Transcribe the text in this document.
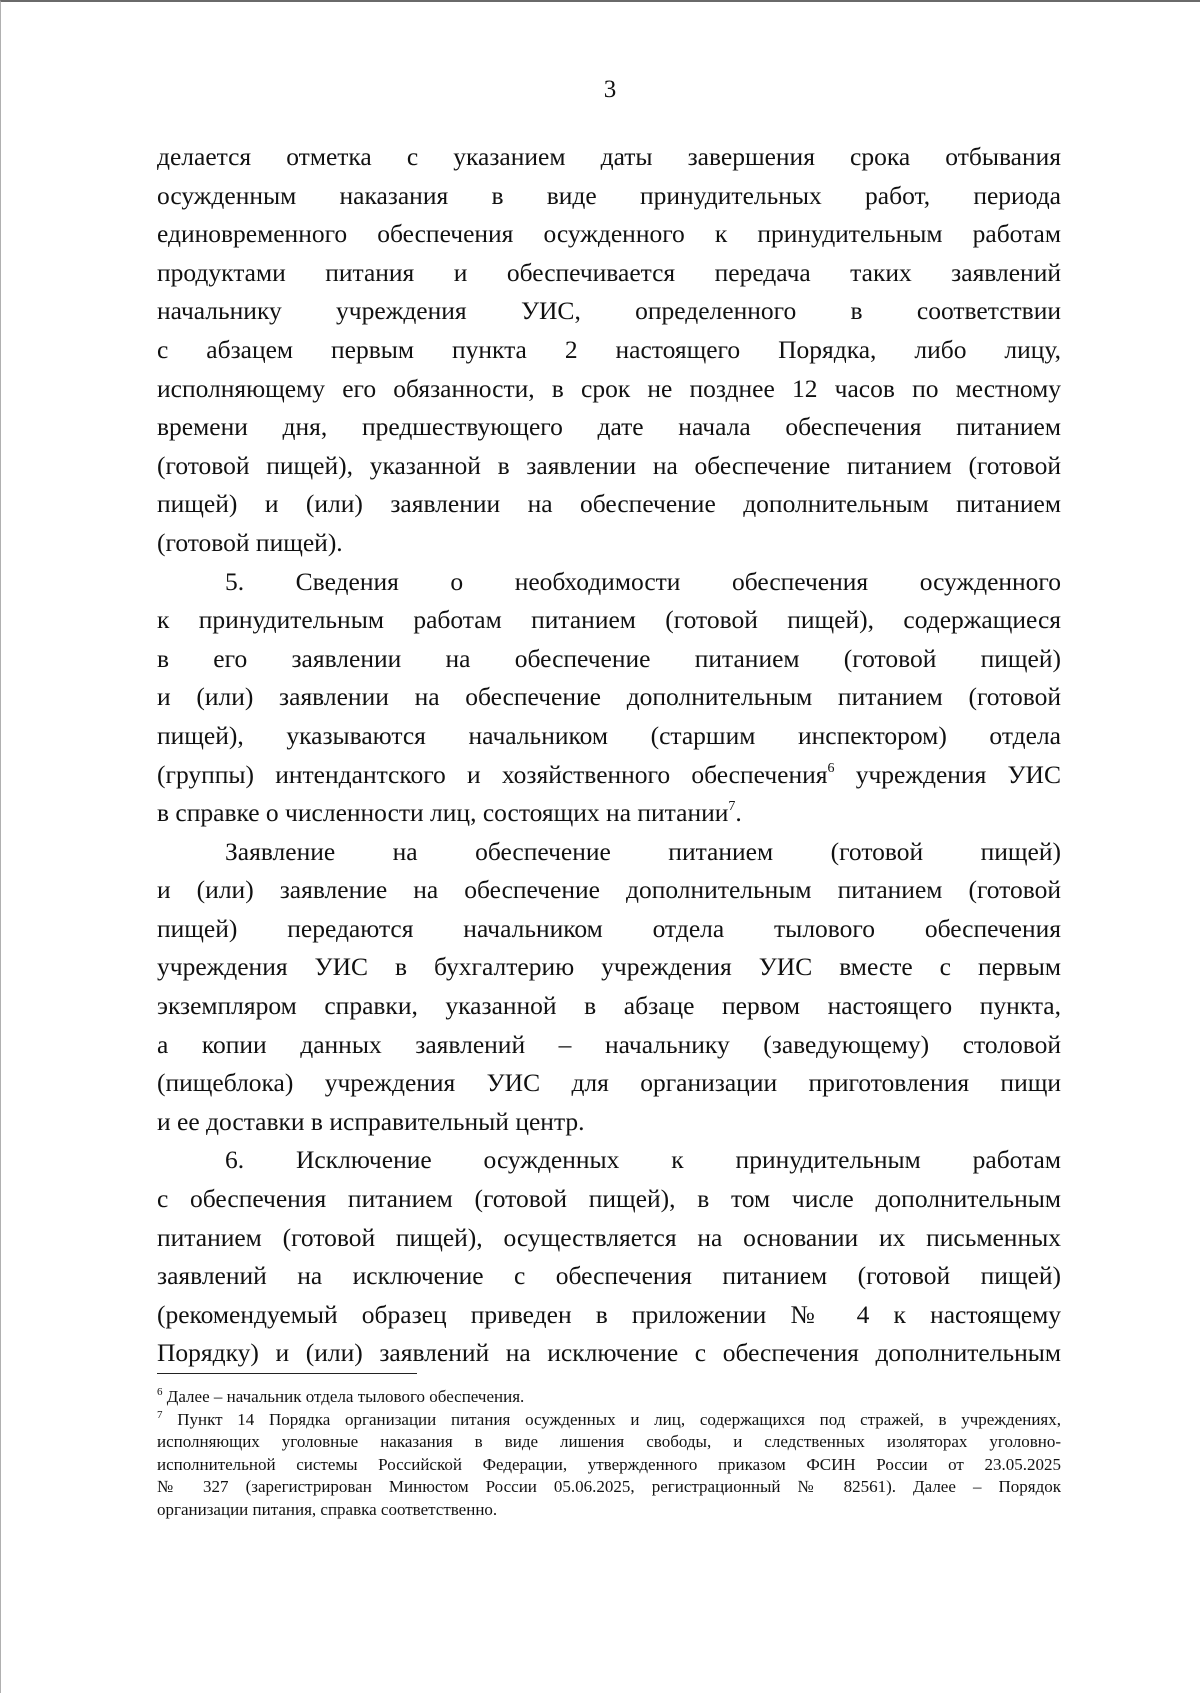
3

делается отметка с указанием даты завершения срока отбывания

осужденным наказания в виде принудительных работ, периода

единовременного обеспечения осужденного к принудительным работам

продуктами питания и обеспечивается передача таких заявлений

начальнику учреждения УИС, определенного в соответствии

с абзацем первым пункта 2 настоящего Порядка, либо лицу,

исполняющему его обязанности, в срок не позднее 12 часов по местному

времени дня, предшествующего дате начала обеспечения питанием

(готовой пищей), указанной в заявлении на обеспечение питанием (готовой

пищей) и (или) заявлении на обеспечение дополнительным питанием

(готовой пищей).

5. Сведения о необходимости обеспечения осужденного

к принудительным работам питанием (готовой пищей), содержащиеся

в его заявлении на обеспечение питанием (готовой пищей)

и (или) заявлении на обеспечение дополнительным питанием (готовой

пищей), указываются начальником (старшим инспектором) отдела

(группы) интендантского и хозяйственного обеспечения$^6$ учреждения УИС

в справке о численности лиц, состоящих на питании$^7$.

Заявление на обеспечение питанием (готовой пищей)

и (или) заявление на обеспечение дополнительным питанием (готовой

пищей) передаются начальником отдела тылового обеспечения

учреждения УИС в бухгалтерию учреждения УИС вместе с первым

экземпляром справки, указанной в абзаце первом настоящего пункта,

а копии данных заявлений – начальнику (заведующему) столовой

(пищеблока) учреждения УИС для организации приготовления пищи

и ее доставки в исправительный центр.

6. Исключение осужденных к принудительным работам

с обеспечения питанием (готовой пищей), в том числе дополнительным

питанием (готовой пищей), осуществляется на основании их письменных

заявлений на исключение с обеспечения питанием (готовой пищей)

(рекомендуемый образец приведен в приложении № 4 к настоящему

Порядку) и (или) заявлений на исключение с обеспечения дополнительным

$^6$ Далее – начальник отдела тылового обеспечения.

$^7$ Пункт 14 Порядка организации питания осужденных и лиц, содержащихся под стражей, в учреждениях,

исполняющих уголовные наказания в виде лишения свободы, и следственных изоляторах уголовно-

исполнительной системы Российской Федерации, утвержденного приказом ФСИН России от 23.05.2025

№ 327 (зарегистрирован Минюстом России 05.06.2025, регистрационный № 82561). Далее – Порядок

организации питания, справка соответственно.
